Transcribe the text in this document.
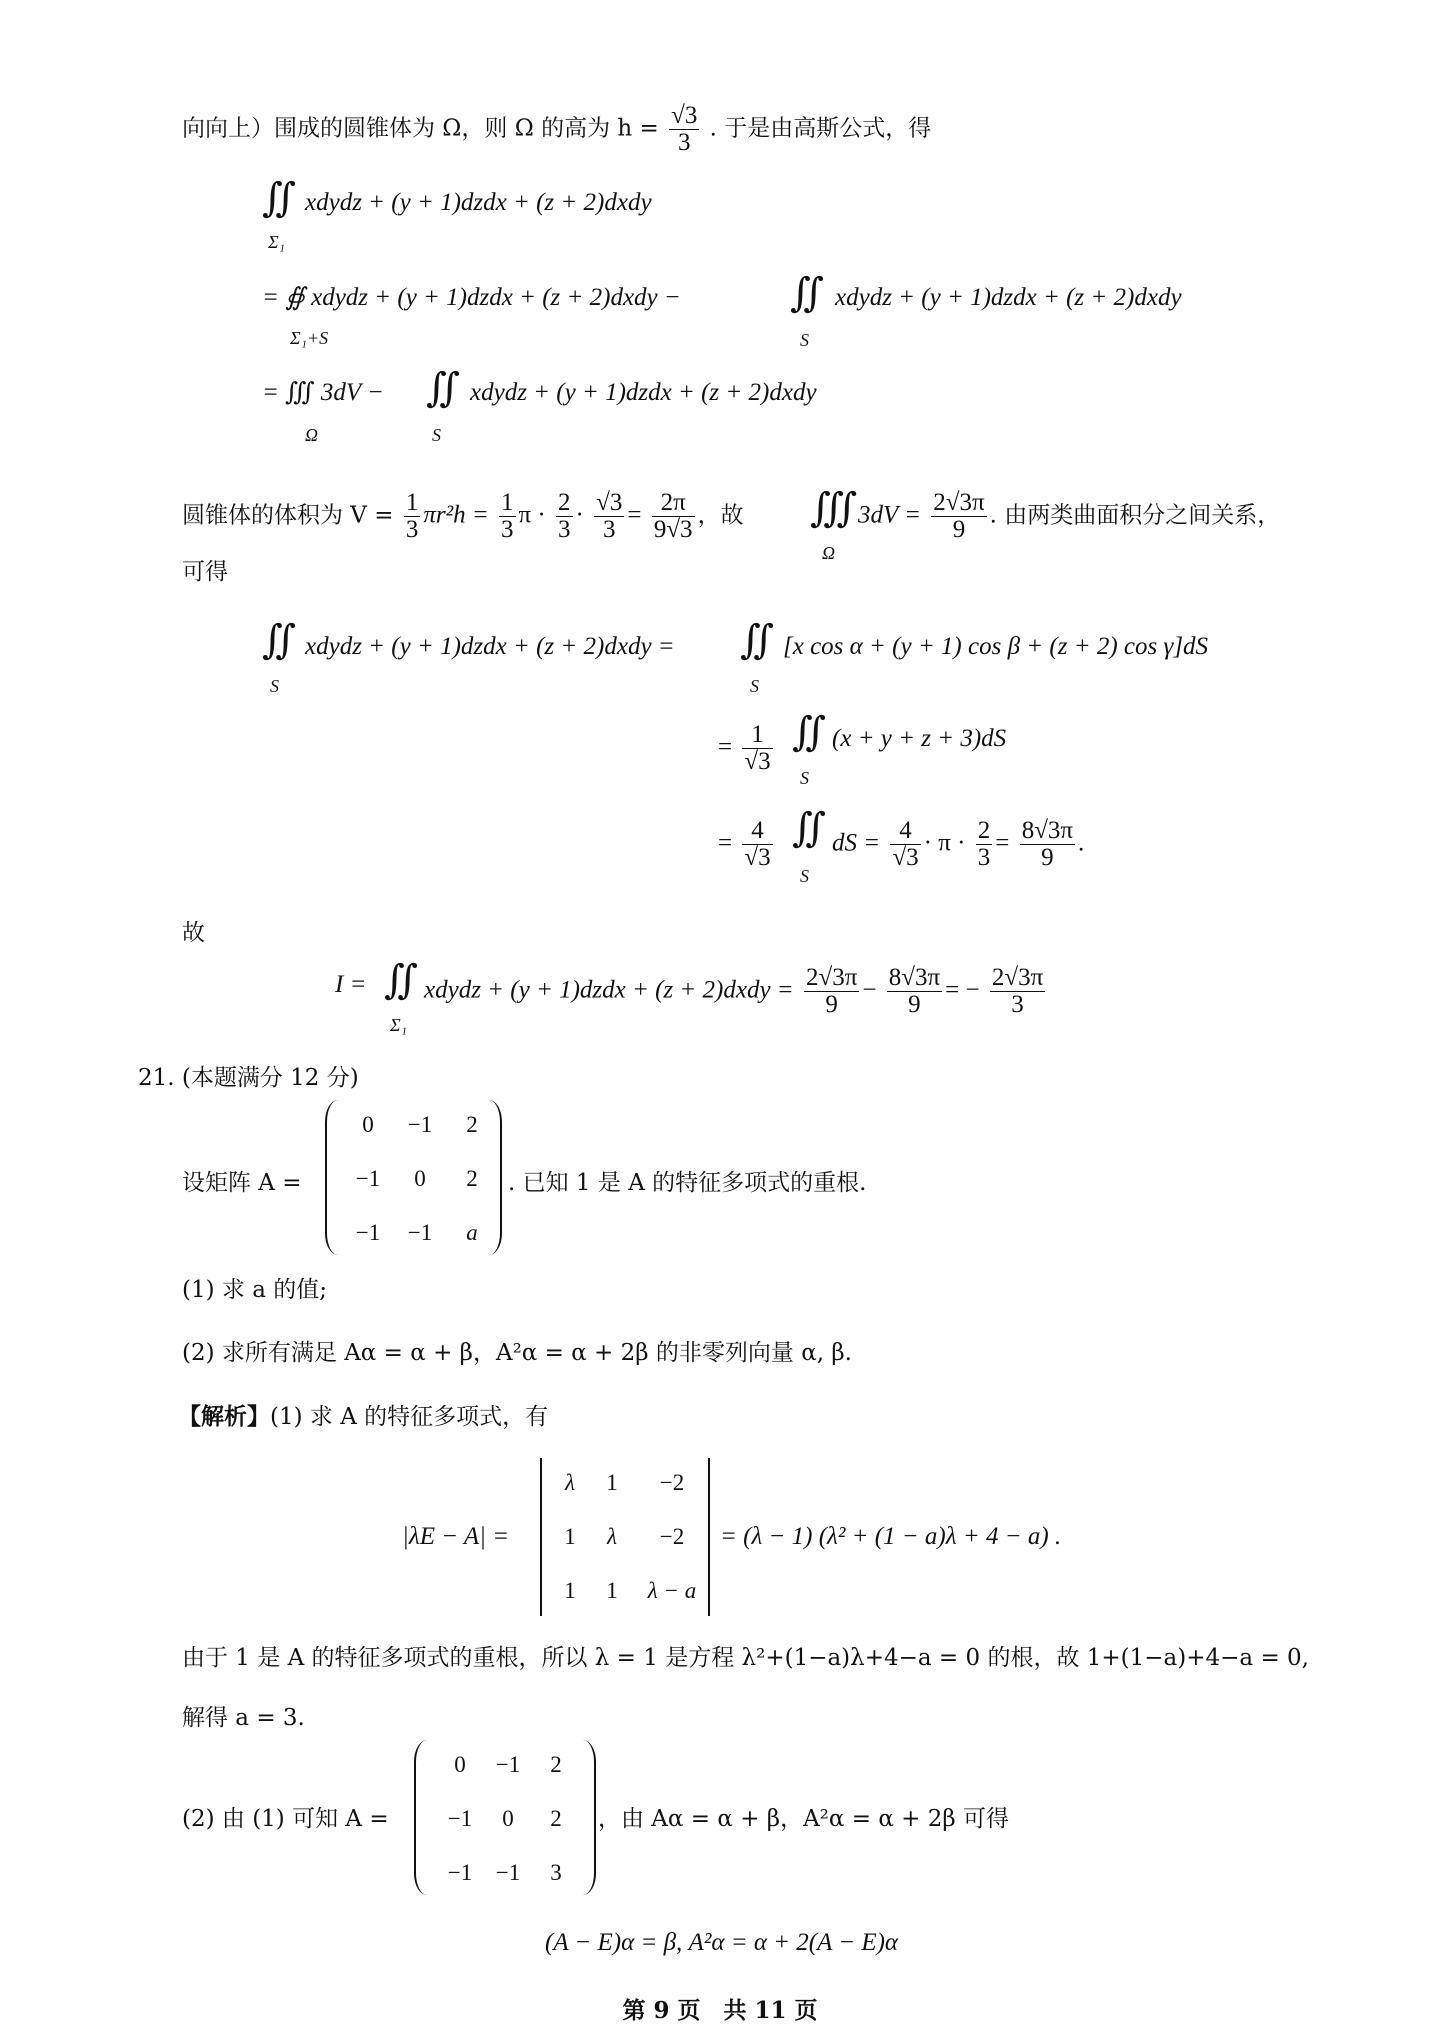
向向上）围成的圆锥体为 Ω，则 Ω 的高为 $h = \frac{√3}{3}$ . 于是由高斯公式，得
∬
Σ₁
xdydz + (y + 1)dzdx + (z + 2)dxdy
= ∯ xdydz + (y + 1)dzdx + (z + 2)dxdy −
Σ₁+S
∬
S
xdydz + (y + 1)dzdx + (z + 2)dxdy
= ∭ 3dV −
Ω
∬
S
xdydz + (y + 1)dzdx + (z + 2)dxdy
圆锥体的体积为 $V = \frac{1}{3} \pi r^2h = \frac{1}{3}$ $\pi \cdot \frac{2}{3} \cdot \frac{√3}{3} = \frac{2\pi}{9√3}$ ，故 ∭
Ω
$3dV = \frac{2√3\pi}{9}$ . 由两类曲面积分之间关系，
可得
∬
S
xdydz + (y + 1)dzdx + (z + 2)dxdy = ∬
S
[x cos α + (y + 1) cos β + (z + 2) cos γ]dS
= $\frac{1}{√3}$ ∬
S
(x + y + z + 3)dS
= $\frac{4}{√3}$ ∬
S
dS = $\frac{4}{√3} \cdot \pi \cdot \frac{2}{3} = \frac{8√3\pi}{9}$ .
故
I = ∬
Σ₁
xdydz + (y + 1)dzdx + (z + 2)dxdy = $\frac{2√3\pi}{9} - \frac{8√3\pi}{9}$ = − $\frac{2√3\pi}{3}$
21. (本题满分 12 分)
设矩阵 A =
0	−1	2
−1	0	2
−1	−1	a
. 已知 1 是 A 的特征多项式的重根.
(1) 求 a 的值;
(2) 求所有满足 Aα = α + β，A²α = α + 2β 的非零列向量 α, β.
【解析】(1) 求 A 的特征多项式，有
|λE − A| =
λ	1	−2
1	λ	−2
1	1	λ − a
= (λ − 1) (λ² + (1 − a)λ + 4 − a) .
由于 1 是 A 的特征多项式的重根，所以 λ = 1 是方程 λ²+(1−a)λ+4−a = 0 的根，故 1+(1−a)+4−a = 0,
解得 a = 3.
(2) 由 (1) 可知 A =
0	−1	2
−1	0	2
−1	−1	3
，由 Aα = α + β，A²α = α + 2β 可得
(A − E)α = β, A²α = α + 2(A − E)α
第 9 页　共 11 页
